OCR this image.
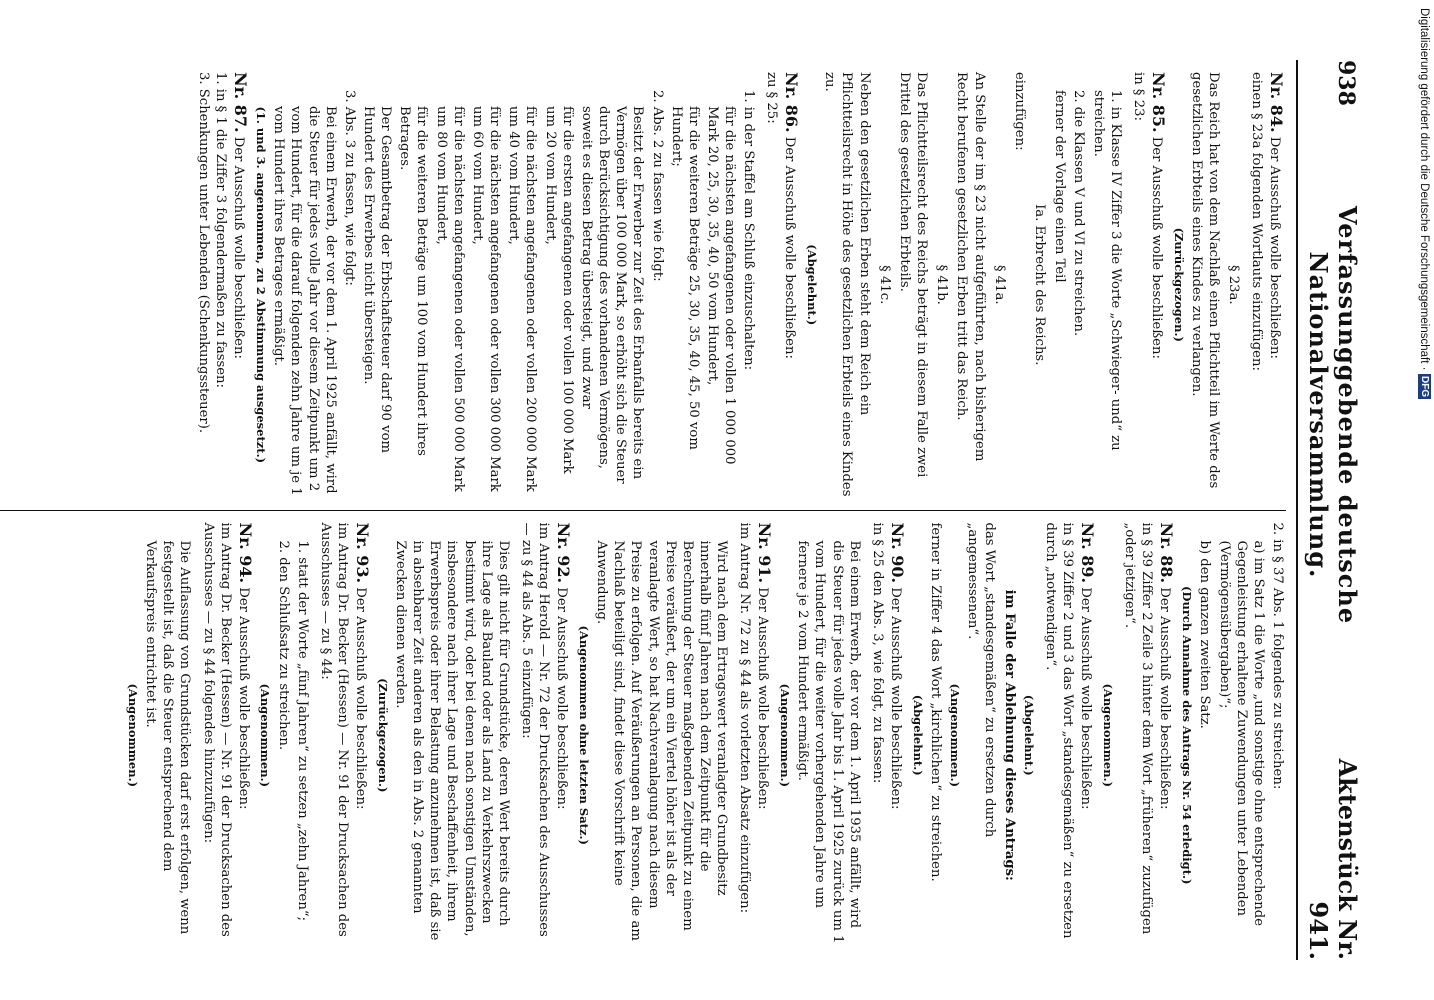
938
Verfassunggebende deutsche Nationalversammlung.
Aktenstück Nr. 941.
Nr. 84. Der Ausschuß wolle beschließen:

einen § 23a folgenden Wortlauts einzufügen:

§ 23a.

Das Reich hat von dem Nachlaß einen Pflichtteil im Werte des gesetzlichen Erbteils eines Kindes zu verlangen.

(Zurückgezogen.)

Nr. 85. Der Ausschuß wolle beschließen:

in § 23:

1. in Klasse IV Ziffer 3 die Worte „Schwieger- und“ zu streichen.

2. die Klassen V und VI zu streichen.

ferner der Vorlage einen Teil

Ia. Erbrecht des Reichs.

einzufügen:

§ 41a.

An Stelle der im § 23 nicht aufgeführten, nach bisherigem Recht berufenen gesetzlichen Erben tritt das Reich.

§ 41b.

Das Pflichtteilsrecht des Reichs beträgt in diesem Falle zwei Drittel des gesetzlichen Erbteils.

§ 41c.

Neben den gesetzlichen Erben steht dem Reich ein Pflichtteilsrecht in Höhe des gesetzlichen Erbteils eines Kindes zu.

(Abgelehnt.)

Nr. 86. Der Ausschuß wolle beschließen:

zu § 25:

1. in der Staffel am Schluß einzuschalten:

für die nächsten angefangenen oder vollen 1 000 000 Mark 20, 25, 30, 35, 40, 50 vom Hundert,

für die weiteren Beträge 25, 30, 35, 40, 45, 50 vom Hundert;

2. Abs. 2 zu fassen wie folgt:

Besitzt der Erwerber zur Zeit des Erbanfalls bereits ein Vermögen über 100 000 Mark, so erhöht sich die Steuer durch Berücksichtigung des vorhandenen Vermögens, soweit es diesen Betrag übersteigt, und zwar

für die ersten angefangenen oder vollen 100 000 Mark um 20 vom Hundert,

für die nächsten angefangenen oder vollen 200 000 Mark um 40 vom Hundert,

für die nächsten angefangenen oder vollen 300 000 Mark um 60 vom Hundert,

für die nächsten angefangenen oder vollen 500 000 Mark um 80 vom Hundert,

für die weiteren Beträge um 100 vom Hundert ihres Betrages.

Der Gesamtbetrag der Erbschaftsteuer darf 90 vom Hundert des Erwerbes nicht übersteigen.

3. Abs. 3 zu fassen, wie folgt:

Bei einem Erwerb, der vor dem 1. April 1925 anfällt, wird die Steuer für jedes volle Jahr vor diesem Zeitpunkt um 2 vom Hundert, für die darauf folgenden zehn Jahre um je 1 vom Hundert ihres Betrages ermäßigt.

(1. und 3. angenommen, zu 2 Abstimmung ausgesetzt.)

Nr. 87. Der Ausschuß wolle beschließen:

1. in § 1 die Ziffer 3 folgendermaßen zu fassen:

3. Schenkungen unter Lebenden (Schenkungssteuer).

2. in § 37 Abs. 1 folgendes zu streichen:

a) im Satz 1 die Worte „und sonstige ohne entsprechende Gegenleistung erhaltene Zuwendungen unter Lebenden (Vermögensübergaben)“;

b) den ganzen zweiten Satz.

(Durch Annahme des Antrags Nr. 54 erledigt.)

Nr. 88. Der Ausschuß wolle beschließen:

in § 39 Ziffer 2 Zeile 3 hinter dem Wort „früheren“ zuzufügen „oder jetzigen“.

(Angenommen.)

Nr. 89. Der Ausschuß wolle beschließen:

in § 39 Ziffer 2 und 3 das Wort „standesgemäßen“ zu ersetzen durch „notwendigen“.

(Abgelehnt.)

im Falle der Ablehnung dieses Antrags:

das Wort „standesgemäßen“ zu ersetzen durch „angemessenen“.

(Angenommen.)

ferner in Ziffer 4 das Wort „kirchlichen“ zu streichen.

(Abgelehnt.)

Nr. 90. Der Ausschuß wolle beschließen:

in § 25 den Abs. 3, wie folgt, zu fassen:

Bei einem Erwerb, der vor dem 1. April 1935 anfällt, wird die Steuer für jedes volle Jahr bis 1. April 1925 zurück um 1 vom Hundert, für die weiter vorhergehenden Jahre um fernere je 2 vom Hundert ermäßigt.

(Angenommen.)

Nr. 91. Der Ausschuß wolle beschließen:

im Antrag Nr. 72 zu § 44 als vorletzten Absatz einzufügen:

Wird nach dem Ertragswert veranlagter Grundbesitz innerhalb fünf Jahren nach dem Zeitpunkt für die Berechnung der Steuer maßgebenden Zeitpunkt zu einem Preise veräußert, der um ein Viertel höher ist als der veranlagte Wert, so hat Nachveranlagung nach diesem Preise zu erfolgen. Auf Veräußerungen an Personen, die am Nachlaß beteiligt sind, findet diese Vorschrift keine Anwendung.

(Angenommen ohne letzten Satz.)

Nr. 92. Der Ausschuß wolle beschließen:

im Antrag Herold — Nr. 72 der Drucksachen des Ausschusses — zu § 44 als Abs. 5 einzufügen:

Dies gilt nicht für Grundstücke, deren Wert bereits durch ihre Lage als Bauland oder als Land zu Verkehrszwecken bestimmt wird, oder bei denen nach sonstigen Umständen, insbesondere nach ihrer Lage und Beschaffenheit, ihrem Erwerbspreis oder ihrer Belastung anzunehmen ist, daß sie in absehbarer Zeit anderen als den in Abs. 2 genannten Zwecken dienen werden.

(Zurückgezogen.)

Nr. 93. Der Ausschuß wolle beschließen:

im Antrag Dr. Becker (Hessen) — Nr. 91 der Drucksachen des Ausschusses — zu § 44:

1. statt der Worte „fünf Jahren“ zu setzen „zehn Jahren“;

2. den Schlußsatz zu streichen.

(Angenommen.)

Nr. 94. Der Ausschuß wolle beschließen:

im Antrag Dr. Becker (Hessen) — Nr. 91 der Drucksachen des Ausschusses — zu § 44 folgendes hinzuzufügen:

Die Auflassung von Grundstücken darf erst erfolgen, wenn festgestellt ist, daß die Steuer entsprechend dem Verkaufspreis entrichtet ist.

(Angenommen.)

Digitalisierung gefördert durch die Deutsche Forschungsgemeinschaft · DFG
